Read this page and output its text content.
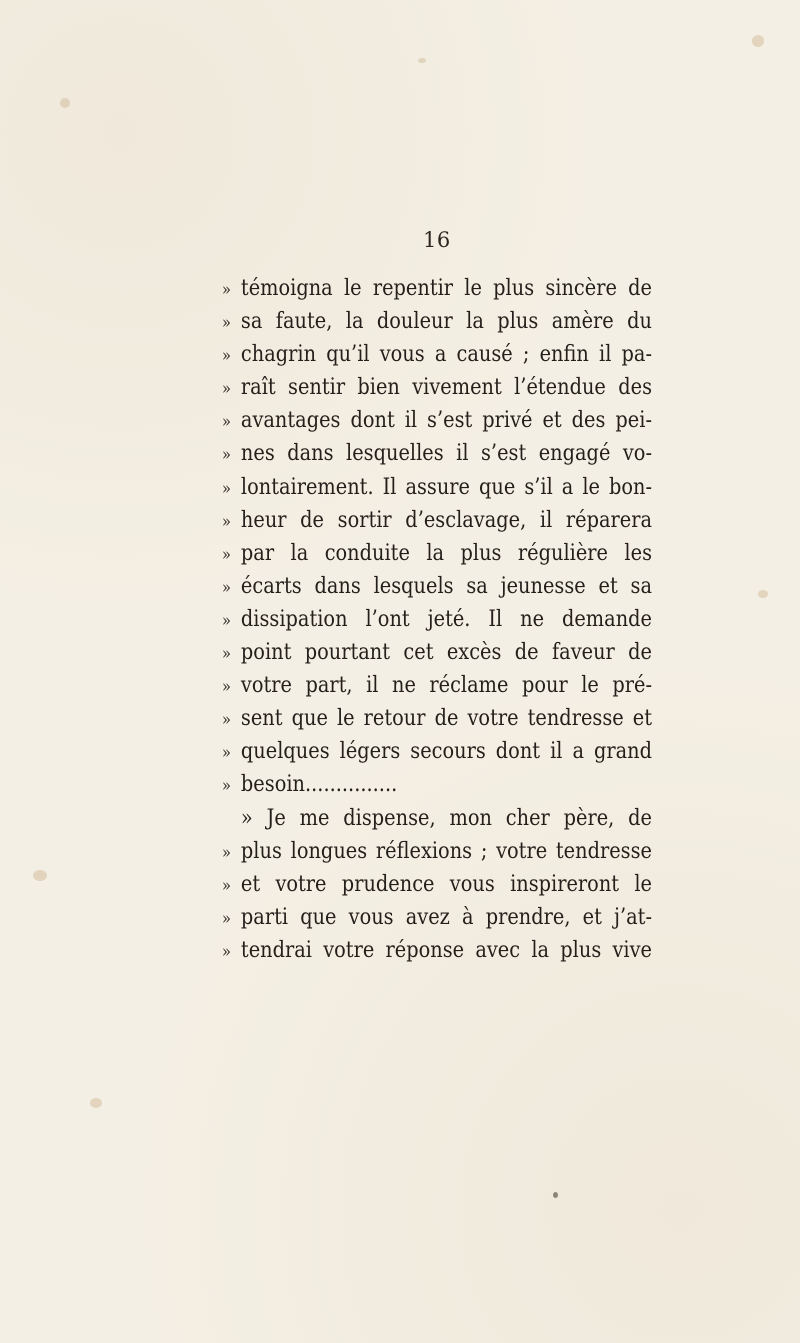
16
» témoigna le repentir le plus sincère de
» sa faute, la douleur la plus amère du
» chagrin qu’il vous a causé ; enfin il pa-
» raît sentir bien vivement l’étendue des
» avantages dont il s’est privé et des pei-
» nes dans lesquelles il s’est engagé vo-
» lontairement. Il assure que s’il a le bon-
» heur de sortir d’esclavage, il réparera
» par la conduite la plus régulière les
» écarts dans lesquels sa jeunesse et sa
» dissipation l’ont jeté. Il ne demande
» point pourtant cet excès de faveur de
» votre part, il ne réclame pour le pré-
» sent que le retour de votre tendresse et
» quelques légers secours dont il a grand
» besoin...............
» Je me dispense, mon cher père, de
» plus longues réflexions ; votre tendresse
» et votre prudence vous inspireront le
» parti que vous avez à prendre, et j’at-
» tendrai votre réponse avec la plus vive
